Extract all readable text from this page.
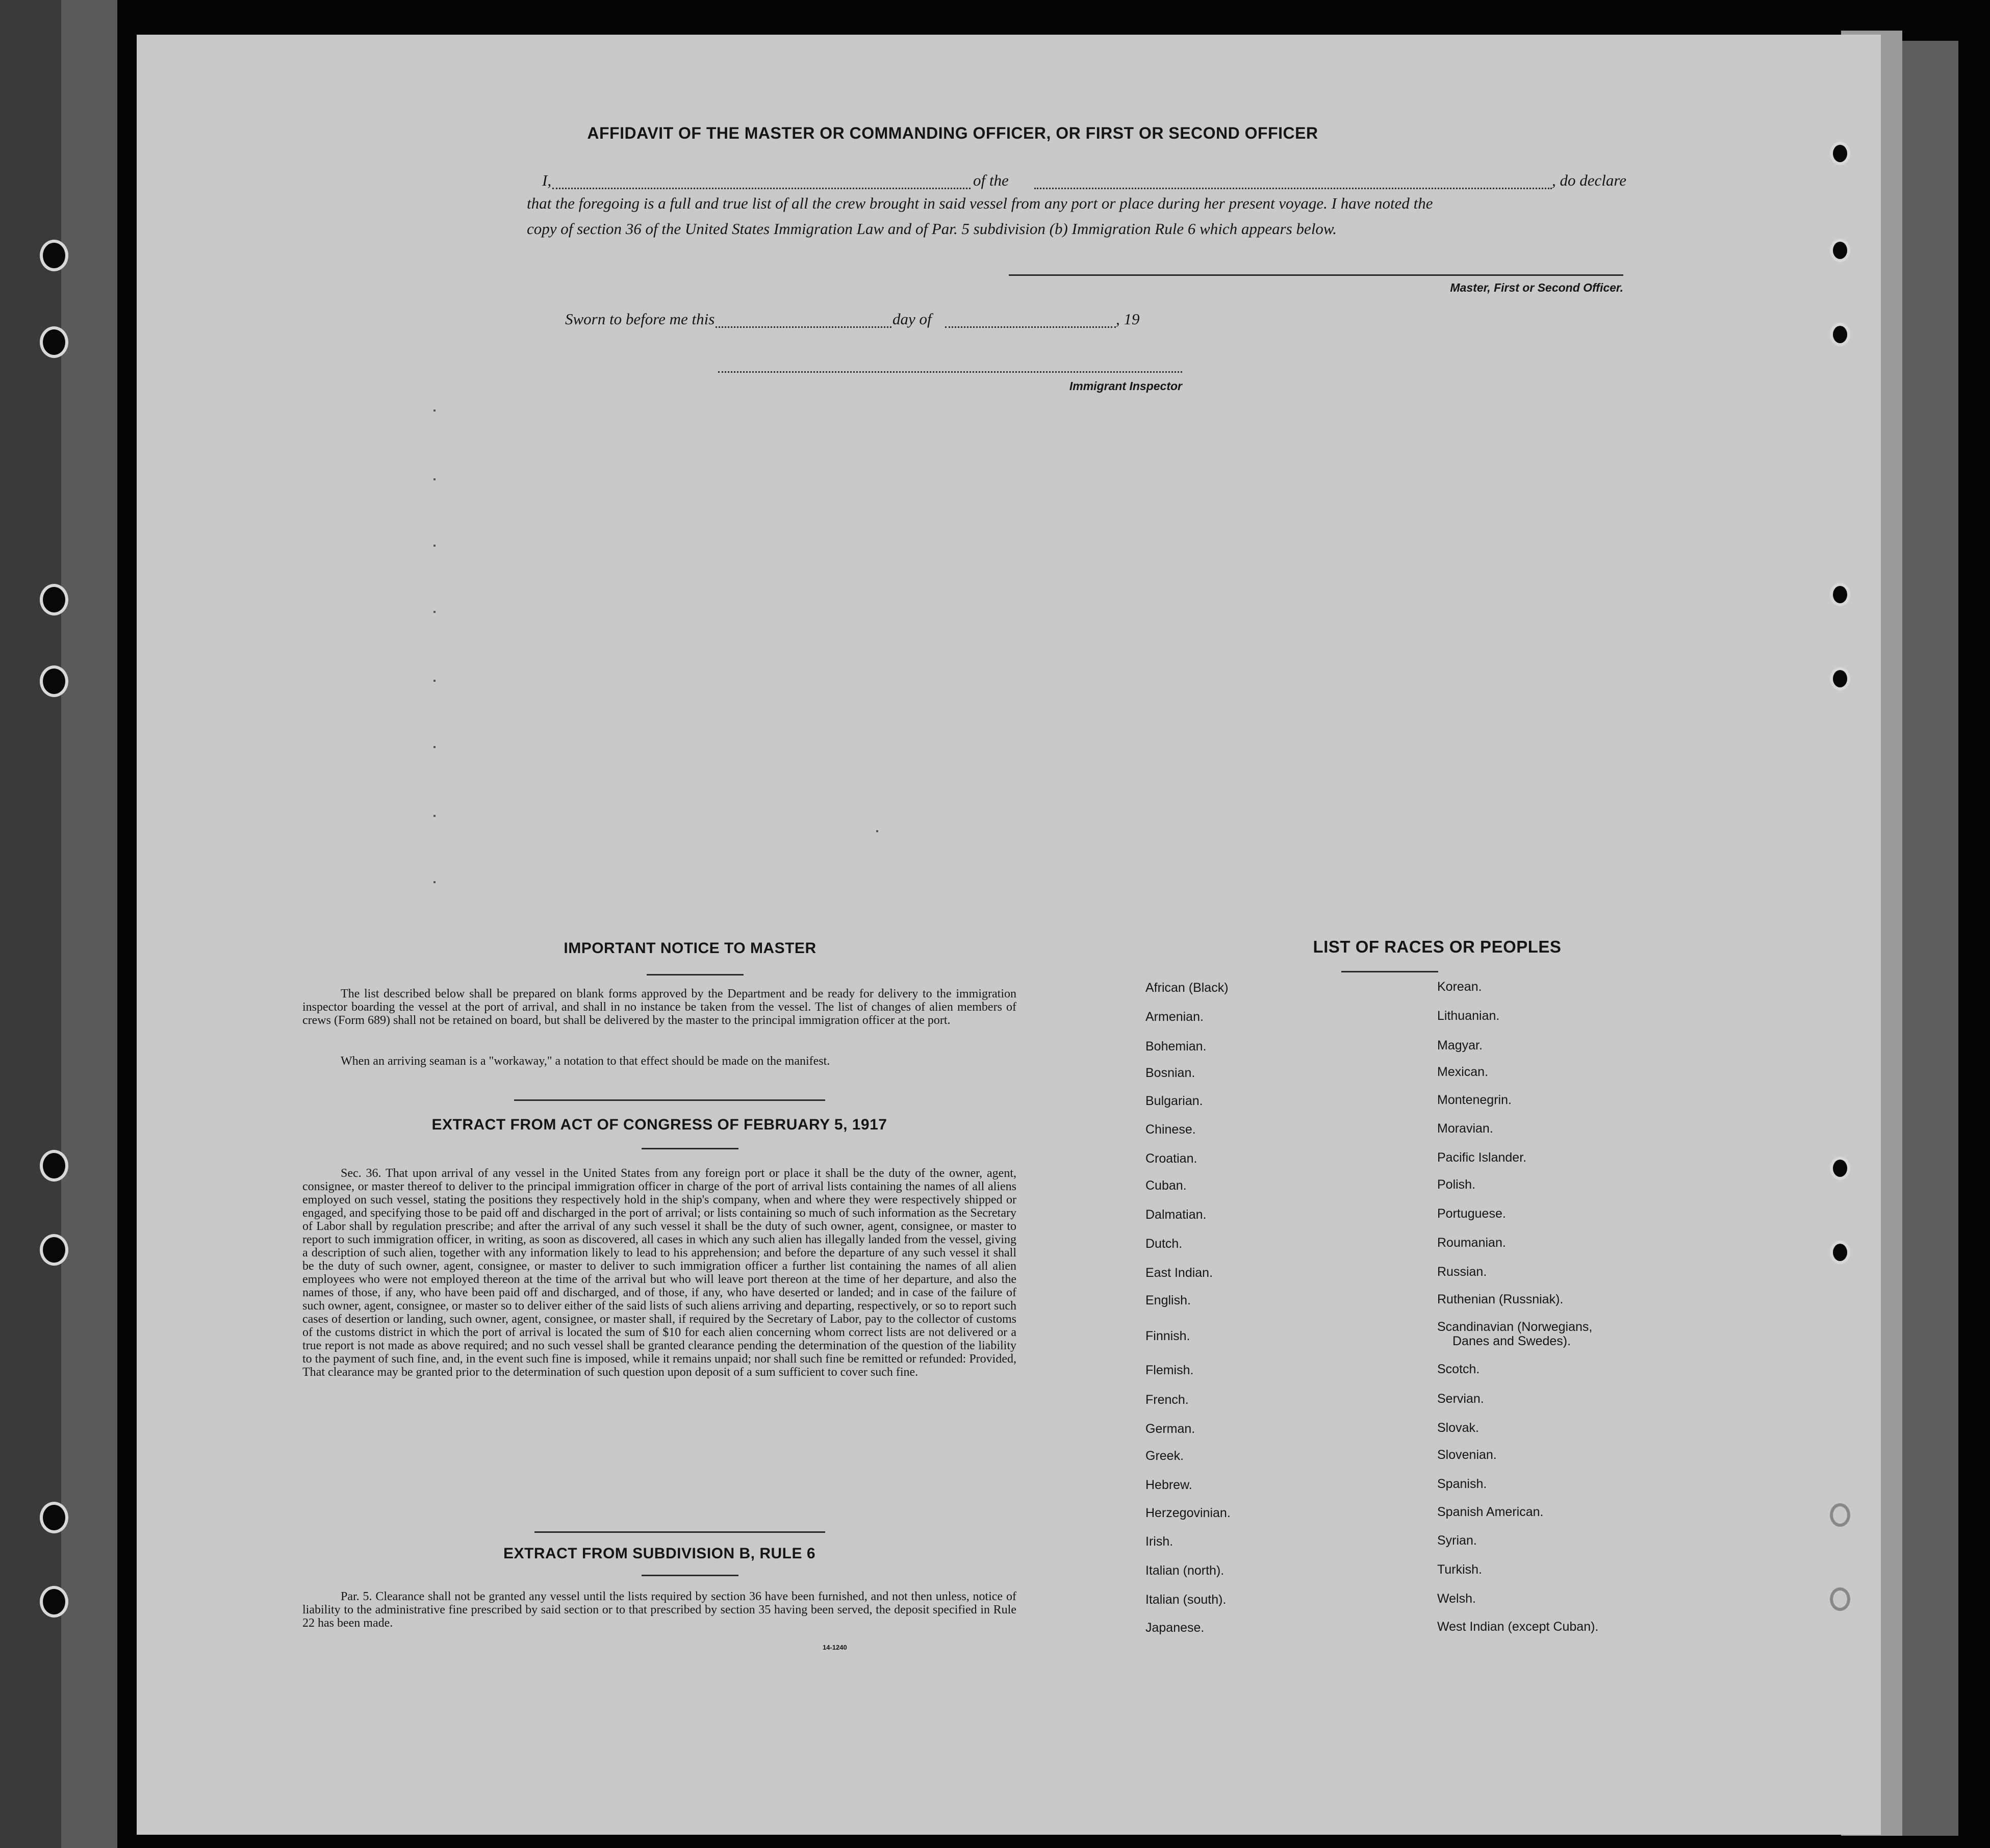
AFFIDAVIT OF THE MASTER OR COMMANDING OFFICER, OR FIRST OR SECOND OFFICER
I,	of the	, do declare
that the foregoing is a full and true list of all the crew brought in said vessel from any port or place during her present voyage. I have noted the
copy of section 36 of the United States Immigration Law and of Par. 5 subdivision (b) Immigration Rule 6 which appears below.
Master, First or Second Officer.
Sworn to before me this	day of	, 19
Immigrant Inspector
IMPORTANT NOTICE TO MASTER
The list described below shall be prepared on blank forms approved by the Department and be ready for delivery to the immigration inspector boarding the vessel at the port of arrival, and shall in no instance be taken from the vessel. The list of changes of alien members of crews (Form 689) shall not be retained on board, but shall be delivered by the master to the principal immigration officer at the port.
When an arriving seaman is a "workaway," a notation to that effect should be made on the manifest.
EXTRACT FROM ACT OF CONGRESS OF FEBRUARY 5, 1917
Sec. 36. That upon arrival of any vessel in the United States from any foreign port or place it shall be the duty of the owner, agent, consignee, or master thereof to deliver to the principal immigration officer in charge of the port of arrival lists containing the names of all aliens employed on such vessel, stating the positions they respectively hold in the ship's company, when and where they were respectively shipped or engaged, and specifying those to be paid off and discharged in the port of arrival; or lists containing so much of such information as the Secretary of Labor shall by regulation prescribe; and after the arrival of any such vessel it shall be the duty of such owner, agent, consignee, or master to report to such immigration officer, in writing, as soon as discovered, all cases in which any such alien has illegally landed from the vessel, giving a description of such alien, together with any information likely to lead to his apprehension; and before the departure of any such vessel it shall be the duty of such owner, agent, consignee, or master to deliver to such immigration officer a further list containing the names of all alien employees who were not employed thereon at the time of the arrival but who will leave port thereon at the time of her departure, and also the names of those, if any, who have been paid off and discharged, and of those, if any, who have deserted or landed; and in case of the failure of such owner, agent, consignee, or master so to deliver either of the said lists of such aliens arriving and departing, respectively, or so to report such cases of desertion or landing, such owner, agent, consignee, or master shall, if required by the Secretary of Labor, pay to the collector of customs of the customs district in which the port of arrival is located the sum of $10 for each alien concerning whom correct lists are not delivered or a true report is not made as above required; and no such vessel shall be granted clearance pending the determination of the question of the liability to the payment of such fine, and, in the event such fine is imposed, while it remains unpaid; nor shall such fine be remitted or refunded: Provided, That clearance may be granted prior to the determination of such question upon deposit of a sum sufficient to cover such fine.
EXTRACT FROM SUBDIVISION B, RULE 6
Par. 5. Clearance shall not be granted any vessel until the lists required by section 36 have been furnished, and not then unless, notice of liability to the administrative fine prescribed by said section or to that prescribed by section 35 having been served, the deposit specified in Rule 22 has been made.
14-1240
LIST OF RACES OR PEOPLES
African (Black)
Armenian.
Bohemian.
Bosnian.
Bulgarian.
Chinese.
Croatian.
Cuban.
Dalmatian.
Dutch.
East Indian.
English.
Finnish.
Flemish.
French.
German.
Greek.
Hebrew.
Herzegovinian.
Irish.
Italian (north).
Italian (south).
Japanese.
Korean.
Lithuanian.
Magyar.
Mexican.
Montenegrin.
Moravian.
Pacific Islander.
Polish.
Portuguese.
Roumanian.
Russian.
Ruthenian (Russniak).
Scandinavian (Norwegians,
Danes and Swedes).
Scotch.
Servian.
Slovak.
Slovenian.
Spanish.
Spanish American.
Syrian.
Turkish.
Welsh.
West Indian (except Cuban).
